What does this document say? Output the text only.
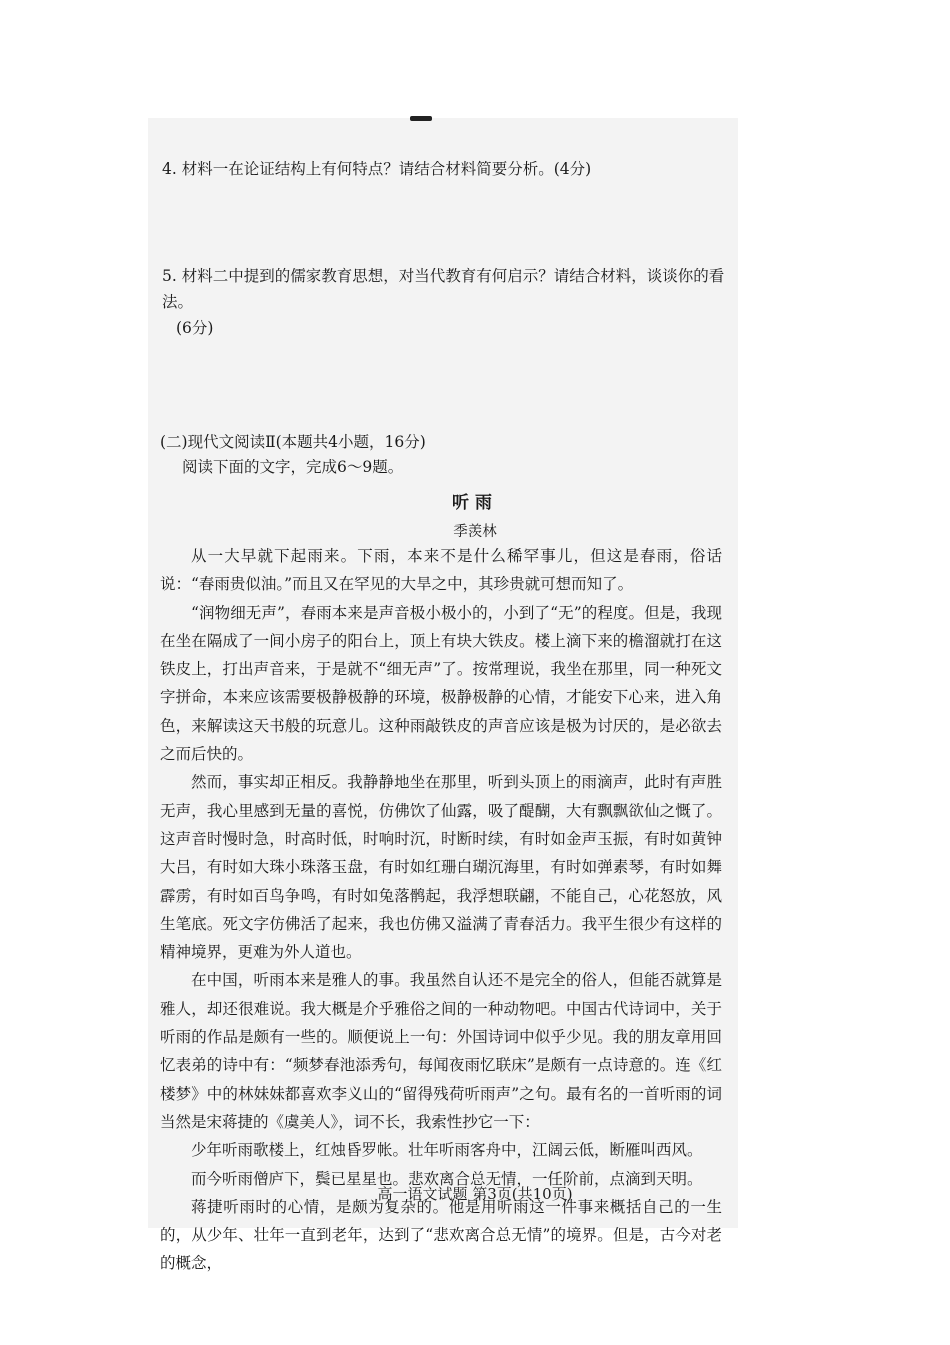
4. 材料一在论证结构上有何特点？请结合材料简要分析。(4分)
5. 材料二中提到的儒家教育思想，对当代教育有何启示？请结合材料，谈谈你的看法。
(6分)
(二)现代文阅读Ⅱ(本题共4小题，16分)
阅读下面的文字，完成6～9题。
听雨
季羡林

从一大早就下起雨来。下雨，本来不是什么稀罕事儿，但这是春雨，俗话说：“春雨贵似油。”而且又在罕见的大旱之中，其珍贵就可想而知了。

“润物细无声”，春雨本来是声音极小极小的，小到了“无”的程度。但是，我现在坐在隔成了一间小房子的阳台上，顶上有块大铁皮。楼上滴下来的檐溜就打在这铁皮上，打出声音来，于是就不“细无声”了。按常理说，我坐在那里，同一种死文字拼命，本来应该需要极静极静的环境，极静极静的心情，才能安下心来，进入角色，来解读这天书般的玩意儿。这种雨敲铁皮的声音应该是极为讨厌的，是必欲去之而后快的。

然而，事实却正相反。我静静地坐在那里，听到头顶上的雨滴声，此时有声胜无声，我心里感到无量的喜悦，仿佛饮了仙露，吸了醍醐，大有飘飘欲仙之慨了。这声音时慢时急，时高时低，时响时沉，时断时续，有时如金声玉振，有时如黄钟大吕，有时如大珠小珠落玉盘，有时如红珊白瑚沉海里，有时如弹素琴，有时如舞霹雳，有时如百鸟争鸣，有时如兔落鹘起，我浮想联翩，不能自己，心花怒放，风生笔底。死文字仿佛活了起来，我也仿佛又溢满了青春活力。我平生很少有这样的精神境界，更难为外人道也。

在中国，听雨本来是雅人的事。我虽然自认还不是完全的俗人，但能否就算是雅人，却还很难说。我大概是介乎雅俗之间的一种动物吧。中国古代诗词中，关于听雨的作品是颇有一些的。顺便说上一句：外国诗词中似乎少见。我的朋友章用回忆表弟的诗中有：“频梦春池添秀句，每闻夜雨忆联床”是颇有一点诗意的。连《红楼梦》中的林妹妹都喜欢李义山的“留得残荷听雨声”之句。最有名的一首听雨的词当然是宋蒋捷的《虞美人》，词不长，我索性抄它一下：

少年听雨歌楼上，红烛昏罗帐。壮年听雨客舟中，江阔云低，断雁叫西风。

而今听雨僧庐下，鬓已星星也。悲欢离合总无情，一任阶前，点滴到天明。

蒋捷听雨时的心情，是颇为复杂的。他是用听雨这一件事来概括自己的一生的，从少年、壮年一直到老年，达到了“悲欢离合总无情”的境界。但是，古今对老的概念，

高一语文试题 第3页(共10页)
